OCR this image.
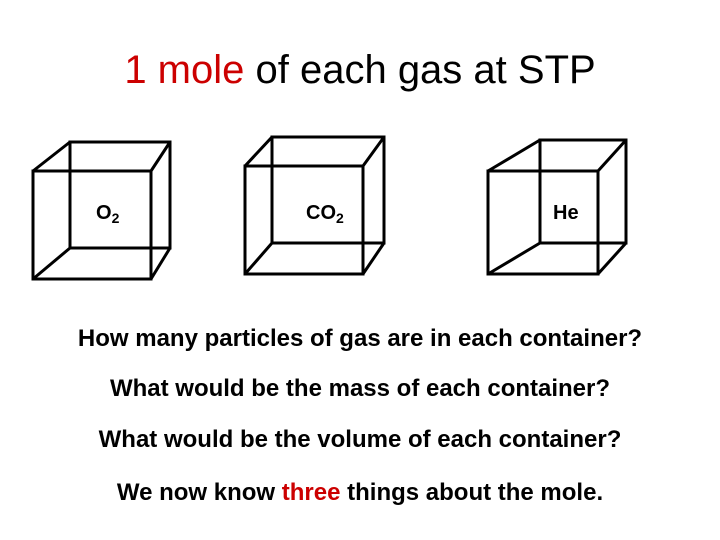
1 mole of each gas at STP
$O_2$	$CO_2$	He
How many particles of gas are in each container?
What would be the mass of each container?
What would be the volume of each container?
We now know three things about the mole.
